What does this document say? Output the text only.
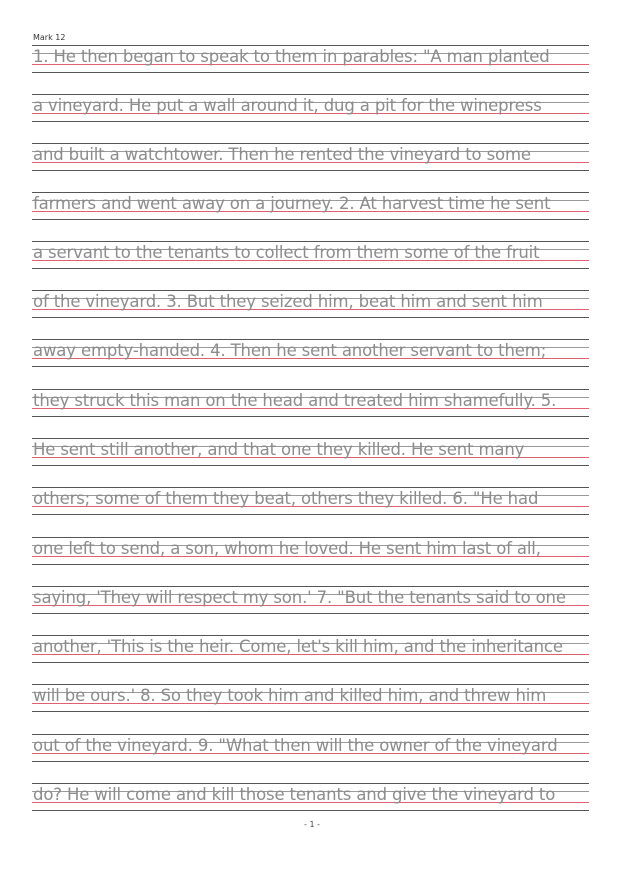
Mark 12
1. He then began to speak to them in parables: "A man planted
a vineyard. He put a wall around it, dug a pit for the winepress
and built a watchtower. Then he rented the vineyard to some
farmers and went away on a journey. 2. At harvest time he sent
a servant to the tenants to collect from them some of the fruit
of the vineyard. 3. But they seized him, beat him and sent him
away empty-handed. 4. Then he sent another servant to them;
they struck this man on the head and treated him shamefully. 5.
He sent still another, and that one they killed. He sent many
others; some of them they beat, others they killed. 6. "He had
one left to send, a son, whom he loved. He sent him last of all,
saying, 'They will respect my son.' 7. "But the tenants said to one
another, 'This is the heir. Come, let's kill him, and the inheritance
will be ours.' 8. So they took him and killed him, and threw him
out of the vineyard. 9. "What then will the owner of the vineyard
do? He will come and kill those tenants and give the vineyard to
- 1 -
